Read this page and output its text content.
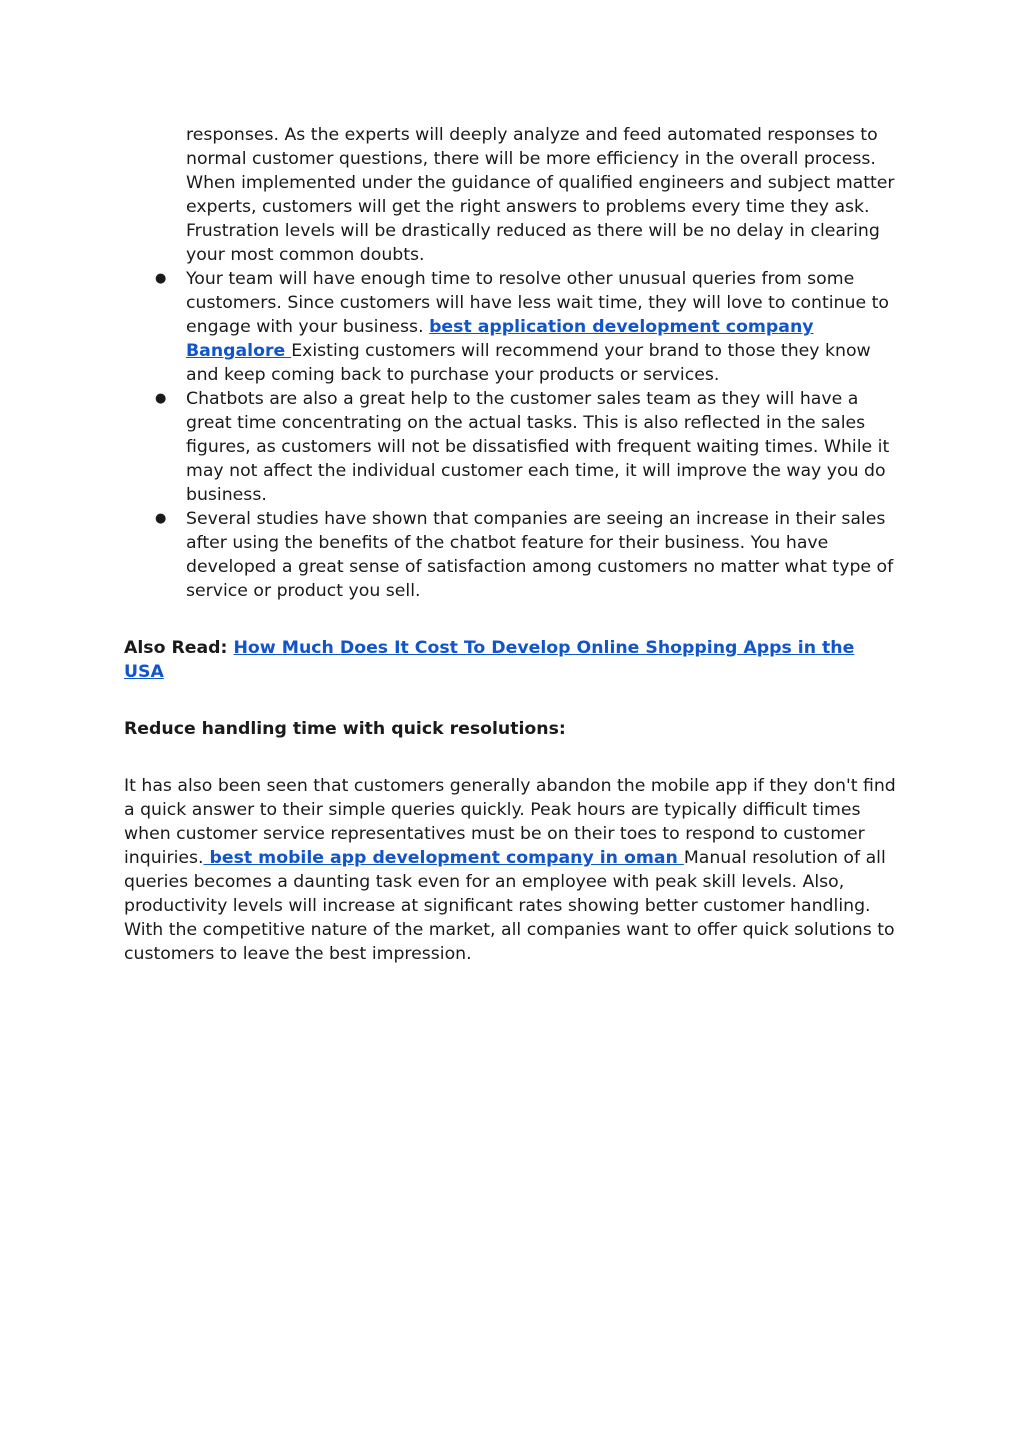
responses. As the experts will deeply analyze and feed automated responses to normal customer questions, there will be more efficiency in the overall process. When implemented under the guidance of qualified engineers and subject matter experts, customers will get the right answers to problems every time they ask. Frustration levels will be drastically reduced as there will be no delay in clearing your most common doubts.
● Your team will have enough time to resolve other unusual queries from some customers. Since customers will have less wait time, they will love to continue to engage with your business. best application development company Bangalore Existing customers will recommend your brand to those they know and keep coming back to purchase your products or services.
● Chatbots are also a great help to the customer sales team as they will have a great time concentrating on the actual tasks. This is also reflected in the sales figures, as customers will not be dissatisfied with frequent waiting times. While it may not affect the individual customer each time, it will improve the way you do business.
● Several studies have shown that companies are seeing an increase in their sales after using the benefits of the chatbot feature for their business. You have developed a great sense of satisfaction among customers no matter what type of service or product you sell.
Also Read: How Much Does It Cost To Develop Online Shopping Apps in the USA
Reduce handling time with quick resolutions:
It has also been seen that customers generally abandon the mobile app if they don't find a quick answer to their simple queries quickly. Peak hours are typically difficult times when customer service representatives must be on their toes to respond to customer inquiries. best mobile app development company in oman Manual resolution of all queries becomes a daunting task even for an employee with peak skill levels. Also, productivity levels will increase at significant rates showing better customer handling. With the competitive nature of the market, all companies want to offer quick solutions to customers to leave the best impression.
